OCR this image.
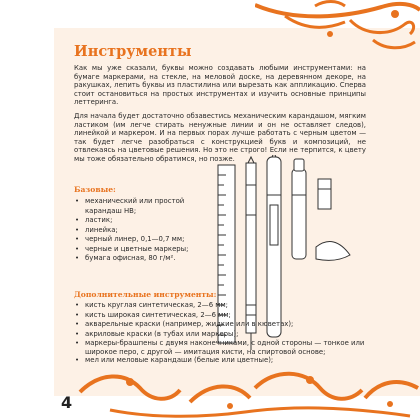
Инструменты

Как мы уже сказали, буквы можно создавать любыми инструментами: на бумаге маркерами, на стекле, на меловой доске, на деревянном декоре, на ракушках, лепить буквы из пластилина или вырезать как аппликацию. Сперва стоит остановиться на простых инструментах и изучить основные принципы леттеринга.

Для начала будет достаточно обзавестись механическим карандашом, мягким ластиком (им легче стирать ненужные линии и он не оставляет следов), линейкой и маркером. И на первых порах лучше работать с черным цветом — так будет легче разобраться с конструкцией букв и композиций, не отвлекаясь на цветовые решения. Но это не строго! Если не терпится, к цвету мы тоже обязательно обратимся, но позже.

Базовые:
• механический или простой карандаш HB;
• ластик;
• линейка;
• черный линер, 0,1—0,7 мм;
• черные и цветные маркеры;
• бумага офисная, 80 г/м².
Дополнительные инструменты:
• кисть круглая синтетическая, 2—6 мм;
• кисть широкая синтетическая, 2—6 мм;
• акварельные краски (например, жидкие или в кюветах);
• акриловые краски (в тубах или маркеры);
• маркеры-брашпены с двумя наконечниками, с одной стороны — тонкое или широкое перо, с другой — имитация кисти, на спиртовой основе;
• мел или меловые карандаши (белые или цветные);
4
